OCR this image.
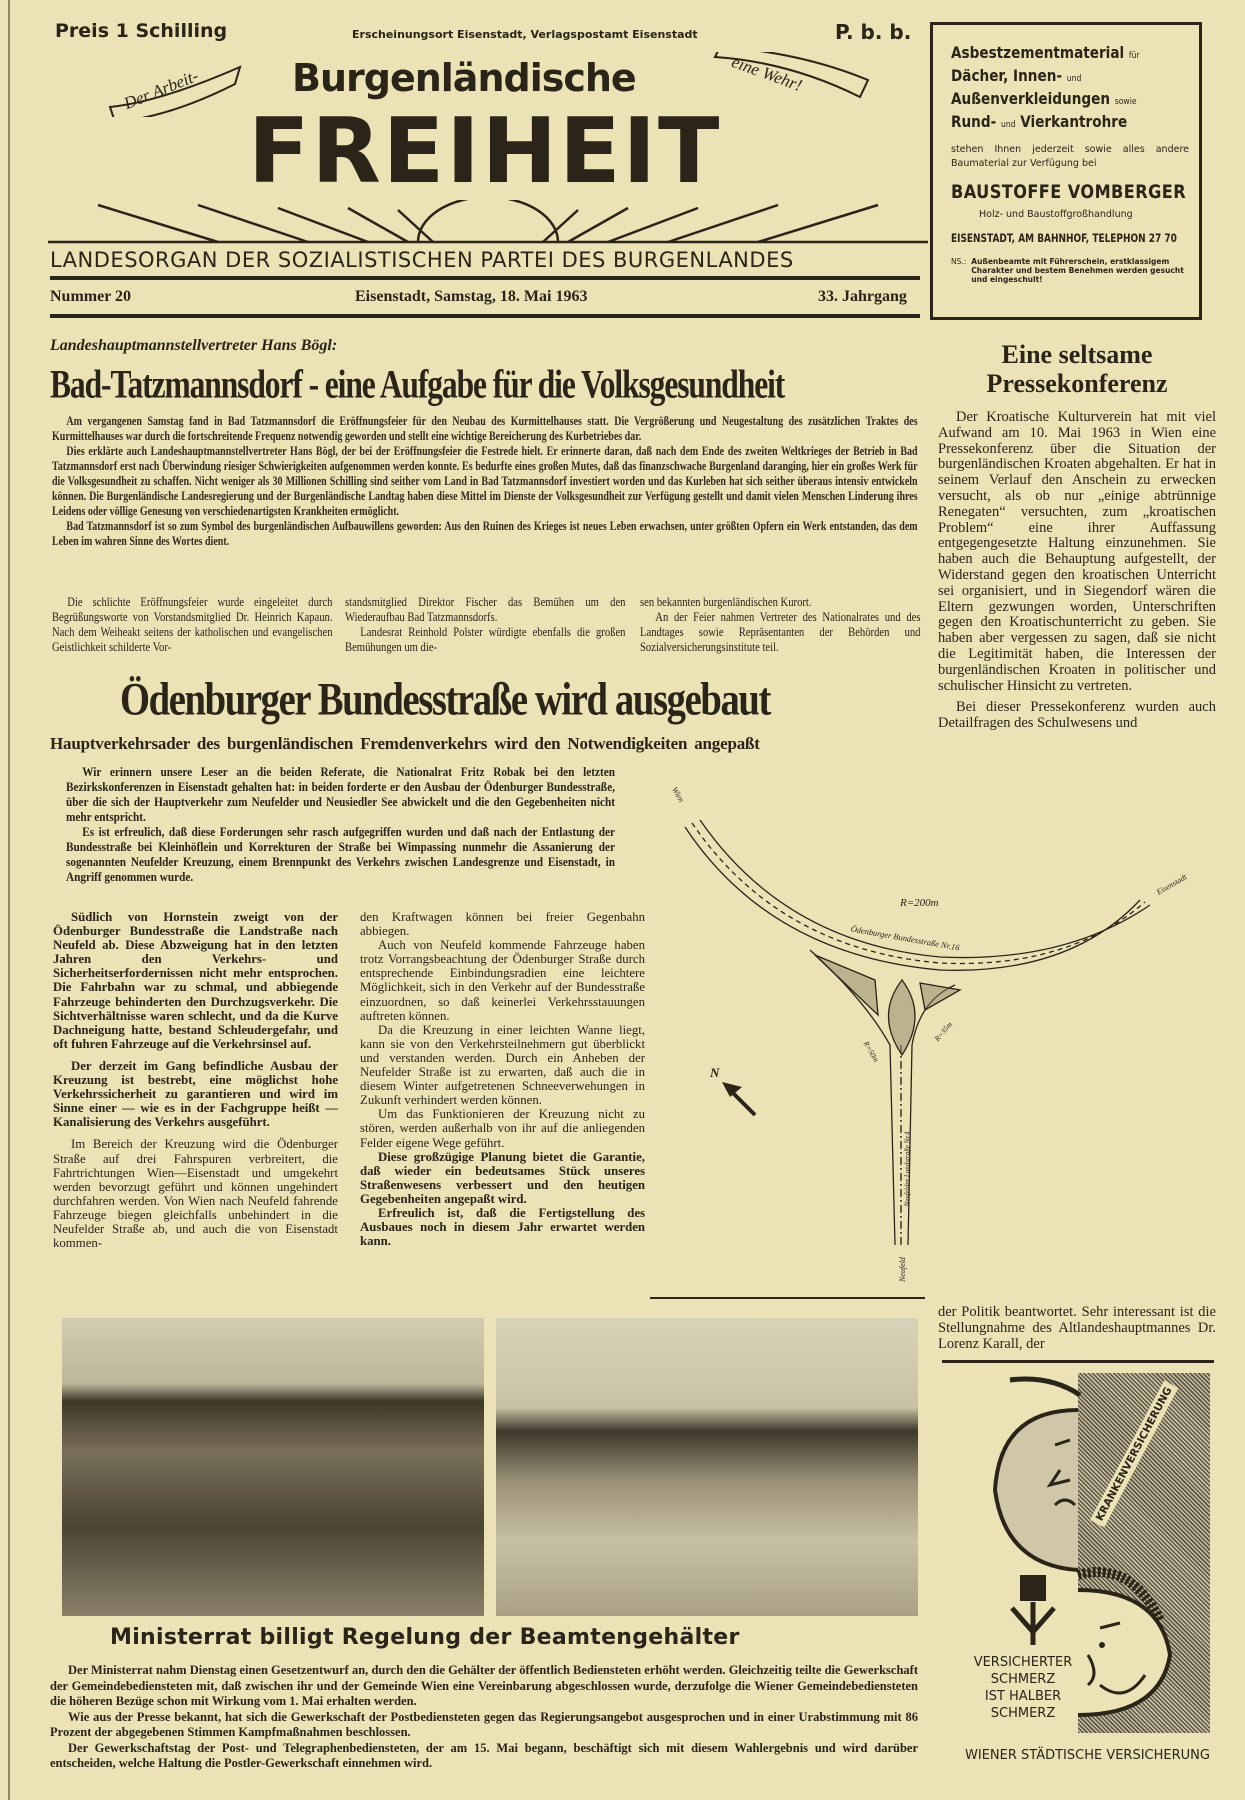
Preis 1 Schilling	Erscheinungsort Eisenstadt, Verlagspostamt Eisenstadt	P. b. b.
Der Arbeit-	eine Wehr!
Burgenländische
FREIHEIT
LANDESORGAN DER SOZIALISTISCHEN PARTEI DES BURGENLANDES
Nummer 20	Eisenstadt, Samstag, 18. Mai 1963	33. Jahrgang
Asbestzementmaterial für
Dächer, Innen- und
Außenverkleidungen sowie
Rund- und Vierkantrohre
stehen Ihnen jederzeit sowie alles andere Baumaterial zur Verfügung bei
BAUSTOFFE VOMBERGER
Holz- und Baustoffgroßhandlung
EISENSTADT, AM BAHNHOF, TELEPHON 27 70
NS.: Außenbeamte mit Führerschein, erstklassigem Charakter und bestem Benehmen werden gesucht und eingeschult!
Landeshauptmannstellvertreter Hans Bögl:
Bad-Tatzmannsdorf - eine Aufgabe für die Volksgesundheit

Am vergangenen Samstag fand in Bad Tatzmannsdorf die Eröffnungsfeier für den Neubau des Kurmittelhauses statt. Die Vergrößerung und Neugestaltung des zusätzlichen Traktes des Kurmittelhauses war durch die fortschreitende Frequenz notwendig geworden und stellt eine wichtige Bereicherung des Kurbetriebes dar.

Dies erklärte auch Landeshauptmannstellvertreter Hans Bögl, der bei der Eröffnungsfeier die Festrede hielt. Er erinnerte daran, daß nach dem Ende des zweiten Weltkrieges der Betrieb in Bad Tatzmannsdorf erst nach Überwindung riesiger Schwierigkeiten aufgenommen werden konnte. Es bedurfte eines großen Mutes, daß das finanzschwache Burgenland daranging, hier ein großes Werk für die Volksgesundheit zu schaffen. Nicht weniger als 30 Millionen Schilling sind seither vom Land in Bad Tatzmannsdorf investiert worden und das Kurleben hat sich seither überaus intensiv entwickeln können. Die Burgenländische Landesregierung und der Burgenländische Landtag haben diese Mittel im Dienste der Volksgesundheit zur Verfügung gestellt und damit vielen Menschen Linderung ihres Leidens oder völlige Genesung von verschiedenartigsten Krankheiten ermöglicht.

Bad Tatzmannsdorf ist so zum Symbol des burgenländischen Aufbauwillens geworden: Aus den Ruinen des Krieges ist neues Leben erwachsen, unter größten Opfern ein Werk entstanden, das dem Leben im wahren Sinne des Wortes dient.

Die schlichte Eröffnungsfeier wurde eingeleitet durch Begrüßungsworte von Vorstandsmitglied Dr. Heinrich Kapaun. Nach dem Weiheakt seitens der katholischen und evangelischen Geistlichkeit schilderte Vor-

standsmitglied Direktor Fischer das Bemühen um den Wiederaufbau Bad Tatzmannsdorfs.

Landesrat Reinhold Polster würdigte ebenfalls die großen Bemühungen um die-

sen bekannten burgenländischen Kurort.

An der Feier nahmen Vertreter des Nationalrates und des Landtages sowie Repräsentanten der Behörden und Sozialversicherungsinstitute teil.

Ödenburger Bundesstraße wird ausgebaut
Hauptverkehrsader des burgenländischen Fremdenverkehrs wird den Notwendigkeiten angepaßt

Wir erinnern unsere Leser an die beiden Referate, die Nationalrat Fritz Robak bei den letzten Bezirkskonferenzen in Eisenstadt gehalten hat: in beiden forderte er den Ausbau der Ödenburger Bundesstraße, über die sich der Hauptverkehr zum Neufelder und Neusiedler See abwickelt und die den Gegebenheiten nicht mehr entspricht.

Es ist erfreulich, daß diese Forderungen sehr rasch aufgegriffen wurden und daß nach der Entlastung der Bundesstraße bei Kleinhöflein und Korrekturen der Straße bei Wimpassing nunmehr die Assanierung der sogenannten Neufelder Kreuzung, einem Brennpunkt des Verkehrs zwischen Landesgrenze und Eisenstadt, in Angriff genommen wurde.

Südlich von Hornstein zweigt von der Ödenburger Bundesstraße die Landstraße nach Neufeld ab. Diese Abzweigung hat in den letzten Jahren den Verkehrs- und Sicherheitserfordernissen nicht mehr entsprochen. Die Fahrbahn war zu schmal, und abbiegende Fahrzeuge behinderten den Durchzugsverkehr. Die Sichtverhältnisse waren schlecht, und da die Kurve Dachneigung hatte, bestand Schleudergefahr, und oft fuhren Fahrzeuge auf die Verkehrsinsel auf.

Der derzeit im Gang befindliche Ausbau der Kreuzung ist bestrebt, eine möglichst hohe Verkehrssicherheit zu garantieren und wird im Sinne einer — wie es in der Fachgruppe heißt — Kanalisierung des Verkehrs ausgeführt.

Im Bereich der Kreuzung wird die Ödenburger Straße auf drei Fahrspuren verbreitert, die Fahrtrichtungen Wien—Eisenstadt und umgekehrt werden bevorzugt geführt und können ungehindert durchfahren werden. Von Wien nach Neufeld fahrende Fahrzeuge biegen gleichfalls unbehindert in die Neufelder Straße ab, und auch die von Eisenstadt kommen-

den Kraftwagen können bei freier Gegenbahn abbiegen.

Auch von Neufeld kommende Fahrzeuge haben trotz Vorrangsbeachtung der Ödenburger Straße durch entsprechende Einbindungsradien eine leichtere Möglichkeit, sich in den Verkehr auf der Bundesstraße einzuordnen, so daß keinerlei Verkehrsstauungen auftreten können.

Da die Kreuzung in einer leichten Wanne liegt, kann sie von den Verkehrsteilnehmern gut überblickt und verstanden werden. Durch ein Anheben der Neufelder Straße ist zu erwarten, daß auch die in diesem Winter aufgetretenen Schneeverwehungen in Zukunft verhindert werden können.

Um das Funktionieren der Kreuzung nicht zu stören, werden außerhalb von ihr auf die anliegenden Felder eigene Wege geführt.

Diese großzügige Planung bietet die Garantie, daß wieder ein bedeutsames Stück unseres Straßenwesens verbessert und den heutigen Gegebenheiten angepaßt wird.

Erfreulich ist, daß die Fertigstellung des Ausbaues noch in diesem Jahr erwartet werden kann.

Wien
Eisenstadt
Neufeld
R=200m
Ödenburger Bundesstraße Nr.16
R=50m
R=35m
Neufelder Landstraße Nr.4
N
Ministerrat billigt Regelung der Beamtengehälter

Der Ministerrat nahm Dienstag einen Gesetzentwurf an, durch den die Gehälter der öffentlich Bediensteten erhöht werden. Gleichzeitig teilte die Gewerkschaft der Gemeindebediensteten mit, daß zwischen ihr und der Gemeinde Wien eine Vereinbarung abgeschlossen wurde, derzufolge die Wiener Gemeindebediensteten die höheren Bezüge schon mit Wirkung vom 1. Mai erhalten werden.

Wie aus der Presse bekannt, hat sich die Gewerkschaft der Postbediensteten gegen das Regierungsangebot ausgesprochen und in einer Urabstimmung mit 86 Prozent der abgegebenen Stimmen Kampfmaßnahmen beschlossen.

Der Gewerkschaftstag der Post- und Telegraphenbediensteten, der am 15. Mai begann, beschäftigt sich mit diesem Wahlergebnis und wird darüber entscheiden, welche Haltung die Postler-Gewerkschaft einnehmen wird.

Eine seltsame Pressekonferenz

Der Kroatische Kulturverein hat mit viel Aufwand am 10. Mai 1963 in Wien eine Pressekonferenz über die Situation der burgenländischen Kroaten abgehalten. Er hat in seinem Verlauf den Anschein zu erwecken versucht, als ob nur „einige abtrünnige Renegaten“ versuchten, zum „kroatischen Problem“ eine ihrer Auffassung entgegengesetzte Haltung einzunehmen. Sie haben auch die Behauptung aufgestellt, der Widerstand gegen den kroatischen Unterricht sei organisiert, und in Siegendorf wären die Eltern gezwungen worden, Unterschriften gegen den Kroatischunterricht zu geben. Sie haben aber vergessen zu sagen, daß sie nicht die Legitimität haben, die Interessen der burgenländischen Kroaten in politischer und schulischer Hinsicht zu vertreten.

Bei dieser Pressekonferenz wurden auch Detailfragen des Schulwesens und

der Politik beantwortet. Sehr interessant ist die Stellungnahme des Altlandeshauptmannes Dr. Lorenz Karall, der
KRANKENVERSICHERUNG
VERSICHERTER
SCHMERZ
IST HALBER
SCHMERZ
WIENER STÄDTISCHE VERSICHERUNG
